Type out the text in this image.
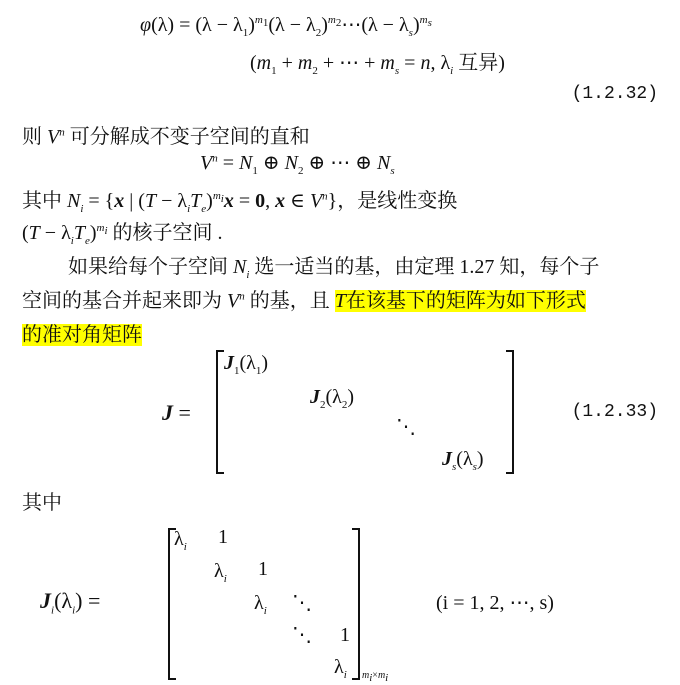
$\varphi(\lambda) = (\lambda - \lambda_1)^{m_1}(\lambda$ − $\lambda_2)^{m_2}\cdots(\lambda - \lambda_s)^{m_s}$
($m_1 + m_2$ + ⋯ + $m_s = n$, $\lambda_i$ 互异)
(1.2.32)
则 $V^n$ 可分解成不变子空间的直和
$V^n = N_1$ ⊕ $N_2$ ⊕ ⋯ ⊕ $N_s$
其中 $N_i = \{x$ | $(T - \lambda_iT_e)^{m_i}x = 0$, x ∈ $V^n$}，是线性变换
$(T - \lambda_iT_e)^{m_i}$ 的核子空间 .
如果给每个子空间 $N_i$ 选一适当的基，由定理 1.27 知，每个子
空间的基合并起来即为 $V^n$ 的基，且 T在该基下的矩阵为如下形式
的准对角矩阵
J =
$J_1(\lambda_1)$
$J_2(\lambda_2)$
⋱
$J_s(\lambda_s)$
(1.2.33)
其中
$J_i(\lambda_i)$ =
$\lambda_i$ 1
$\lambda_i$ 1
$\lambda_i$ ⋱
⋱ 1
$\lambda_i$ $m_i\times m_i$
(i = 1, 2, ⋯, s)
